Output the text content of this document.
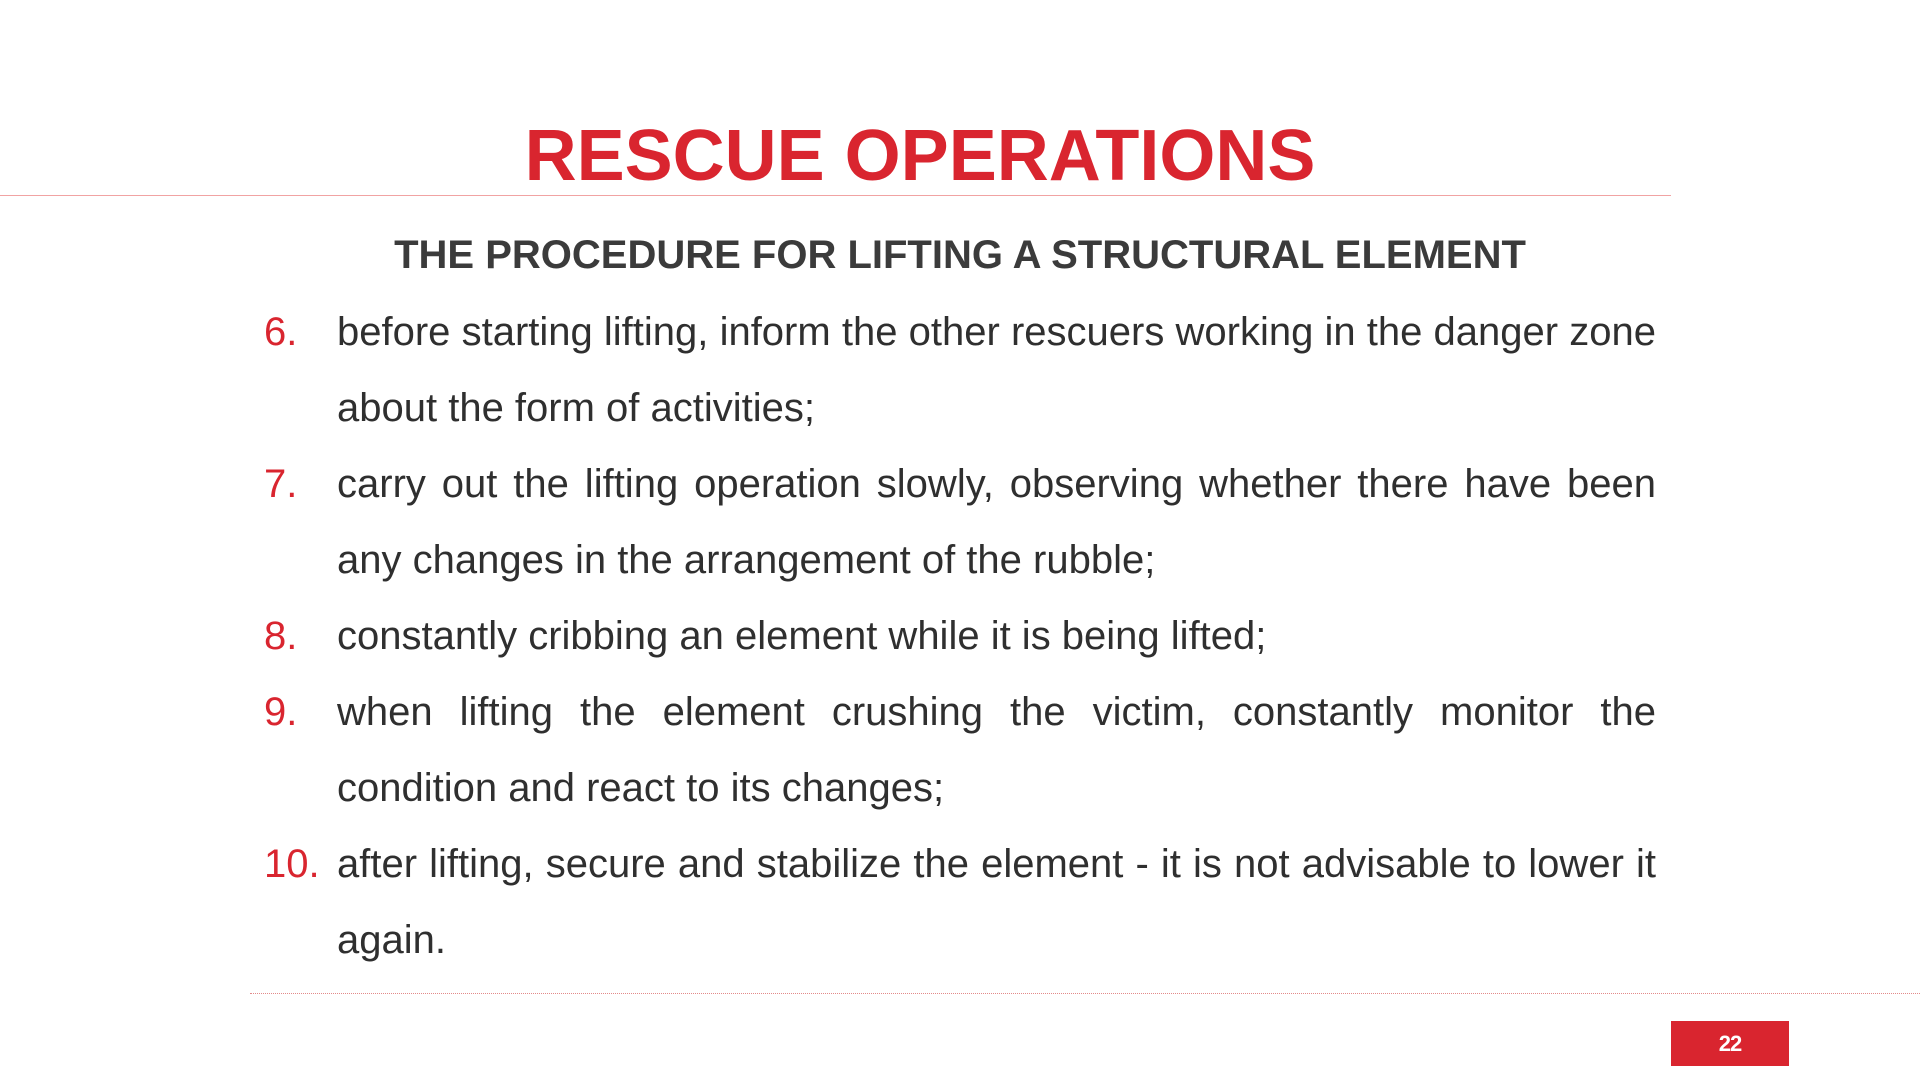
RESCUE OPERATIONS
THE PROCEDURE FOR LIFTING A STRUCTURAL ELEMENT
6. before starting lifting, inform the other rescuers working in the danger zone about the form of activities;
7. carry out the lifting operation slowly, observing whether there have been any changes in the arrangement of the rubble;
8. constantly cribbing an element while it is being lifted;
9. when lifting the element crushing the victim, constantly monitor the condition and react to its changes;
10. after lifting, secure and stabilize the element - it is not advisable to lower it again.
22
